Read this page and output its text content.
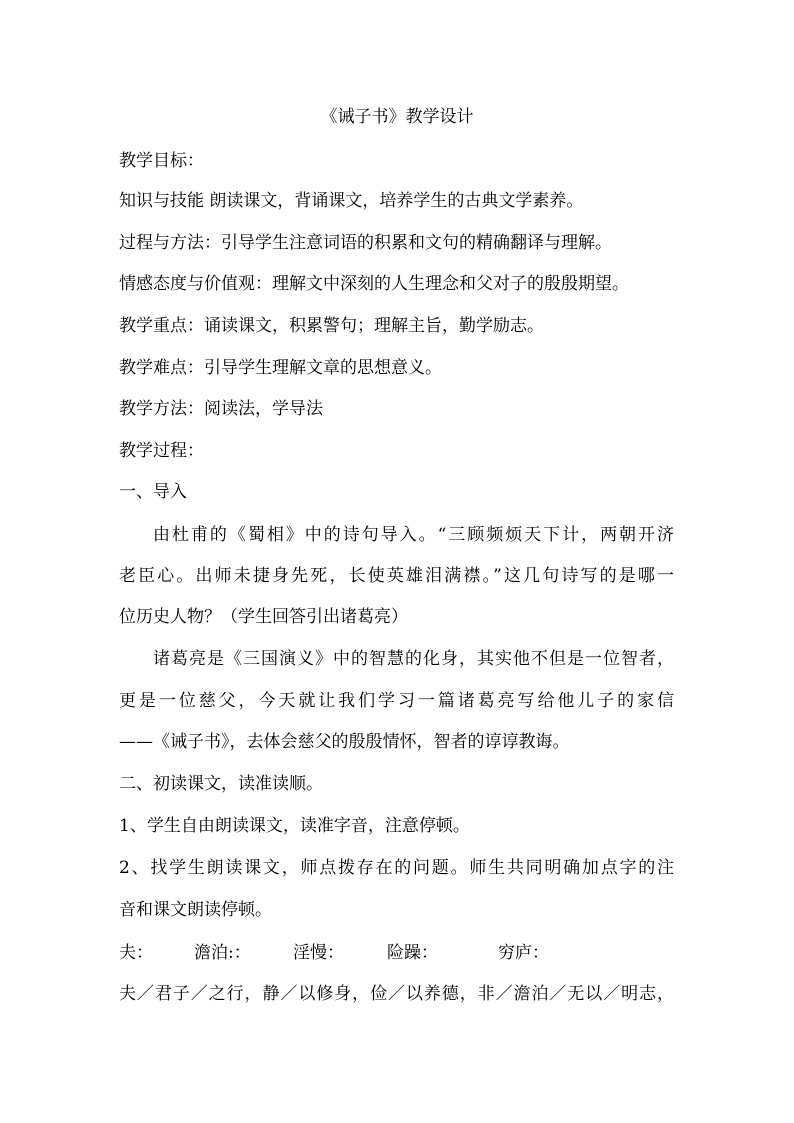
《诫子书》教学设计
教学目标：
知识与技能 朗读课文，背诵课文，培养学生的古典文学素养。
过程与方法：引导学生注意词语的积累和文句的精确翻译与理解。
情感态度与价值观：理解文中深刻的人生理念和父对子的殷殷期望。
教学重点：诵读课文，积累警句；理解主旨，勤学励志。
教学难点：引导学生理解文章的思想意义。
教学方法：阅读法，学导法
教学过程：
一、导入
由杜甫的《蜀相》中的诗句导入。“三顾频烦天下计，两朝开济
老臣心。出师未捷身先死，长使英雄泪满襟。”这几句诗写的是哪一
位历史人物？（学生回答引出诸葛亮）
诸葛亮是《三国演义》中的智慧的化身，其实他不但是一位智者，
更是一位慈父，今天就让我们学习一篇诸葛亮写给他儿子的家信
——《诫子书》，去体会慈父的殷殷情怀，智者的谆谆教诲。
二、初读课文，读准读顺。
1、学生自由朗读课文，读准字音，注意停顿。
2、找学生朗读课文，师点拨存在的问题。师生共同明确加点字的注
音和课文朗读停顿。
夫： 澹泊:： 淫慢：	险躁：	穷庐：
夫／君子／之行，静／以修身，俭／以养德，非／澹泊／无以／明志，
